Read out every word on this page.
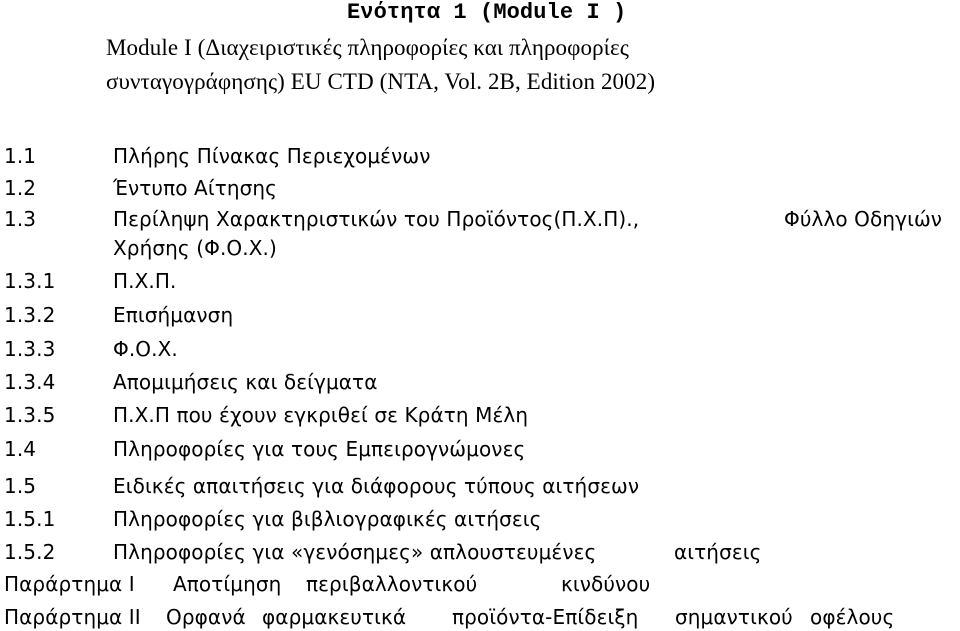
Ενότητα 1 (Module I )
Module I (Διαχειριστικές πληροφορίες και πληροφορίες
συνταγογράφησης) EU CTD (NTA, Vol. 2B, Edition 2002)
1.1	Πλήρης Πίνακας Περιεχομένων
1.2	Έντυπο Αίτησης
1.3	Περίληψη Χαρακτηριστικών του Προϊόντος(Π.Χ.Π).,	Φύλλο Οδηγιών
Χρήσης (Φ.Ο.Χ.)
1.3.1	Π.Χ.Π.
1.3.2	Επισήμανση
1.3.3	Φ.Ο.Χ.
1.3.4	Απομιμήσεις και δείγματα
1.3.5	Π.Χ.Π που έχουν εγκριθεί σε Κράτη Μέλη
1.4	Πληροφορίες για τους Εμπειρογνώμονες
1.5	Ειδικές απαιτήσεις για διάφορους τύπους αιτήσεων
1.5.1	Πληροφορίες για βιβλιογραφικές αιτήσεις
1.5.2	Πληροφορίες για «γενόσημες» απλουστευμένες	αιτήσεις
Παράρτημα Ι Αποτίμηση περιβαλλοντικού	κινδύνου
Παράρτημα ΙΙ Ορφανά φαρμακευτικά προϊόντα-Επίδειξη σημαντικού οφέλους
